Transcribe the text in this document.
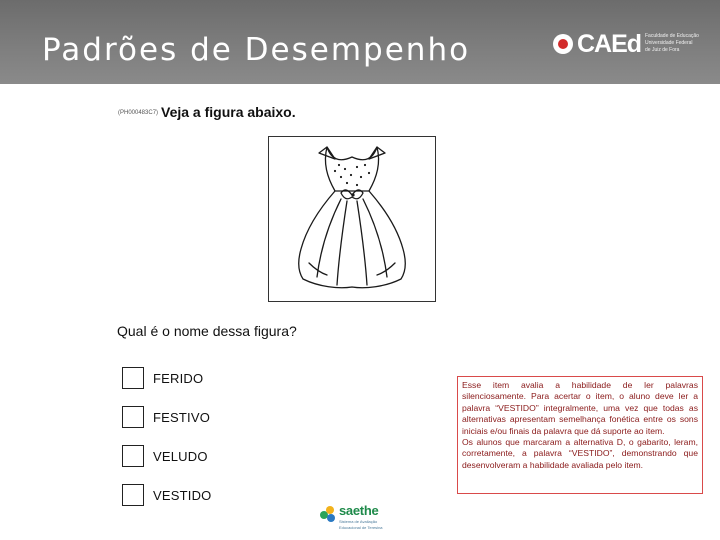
Padrões de Desempenho	CAEd Faculdade de Educação
Universidade Federal
de Juiz de Fora
(PH000483C7) Veja a figura abaixo.
Qual é o nome dessa figura?
FERIDO
FESTIVO
VELUDO
VESTIDO

Esse item avalia a habilidade de ler palavras silenciosamente. Para acertar o item, o aluno deve ler a palavra “VESTIDO” integralmente, uma vez que todas as alternativas apresentam semelhança fonética entre os sons iniciais e/ou finais da palavra que dá suporte ao item.

Os alunos que marcaram a alternativa D, o gabarito, leram, corretamente, a palavra “VESTIDO”, demonstrando que desenvolveram a habilidade avaliada pelo item.

saethe
Sistema de Avaliação
Educacional de Teresina
